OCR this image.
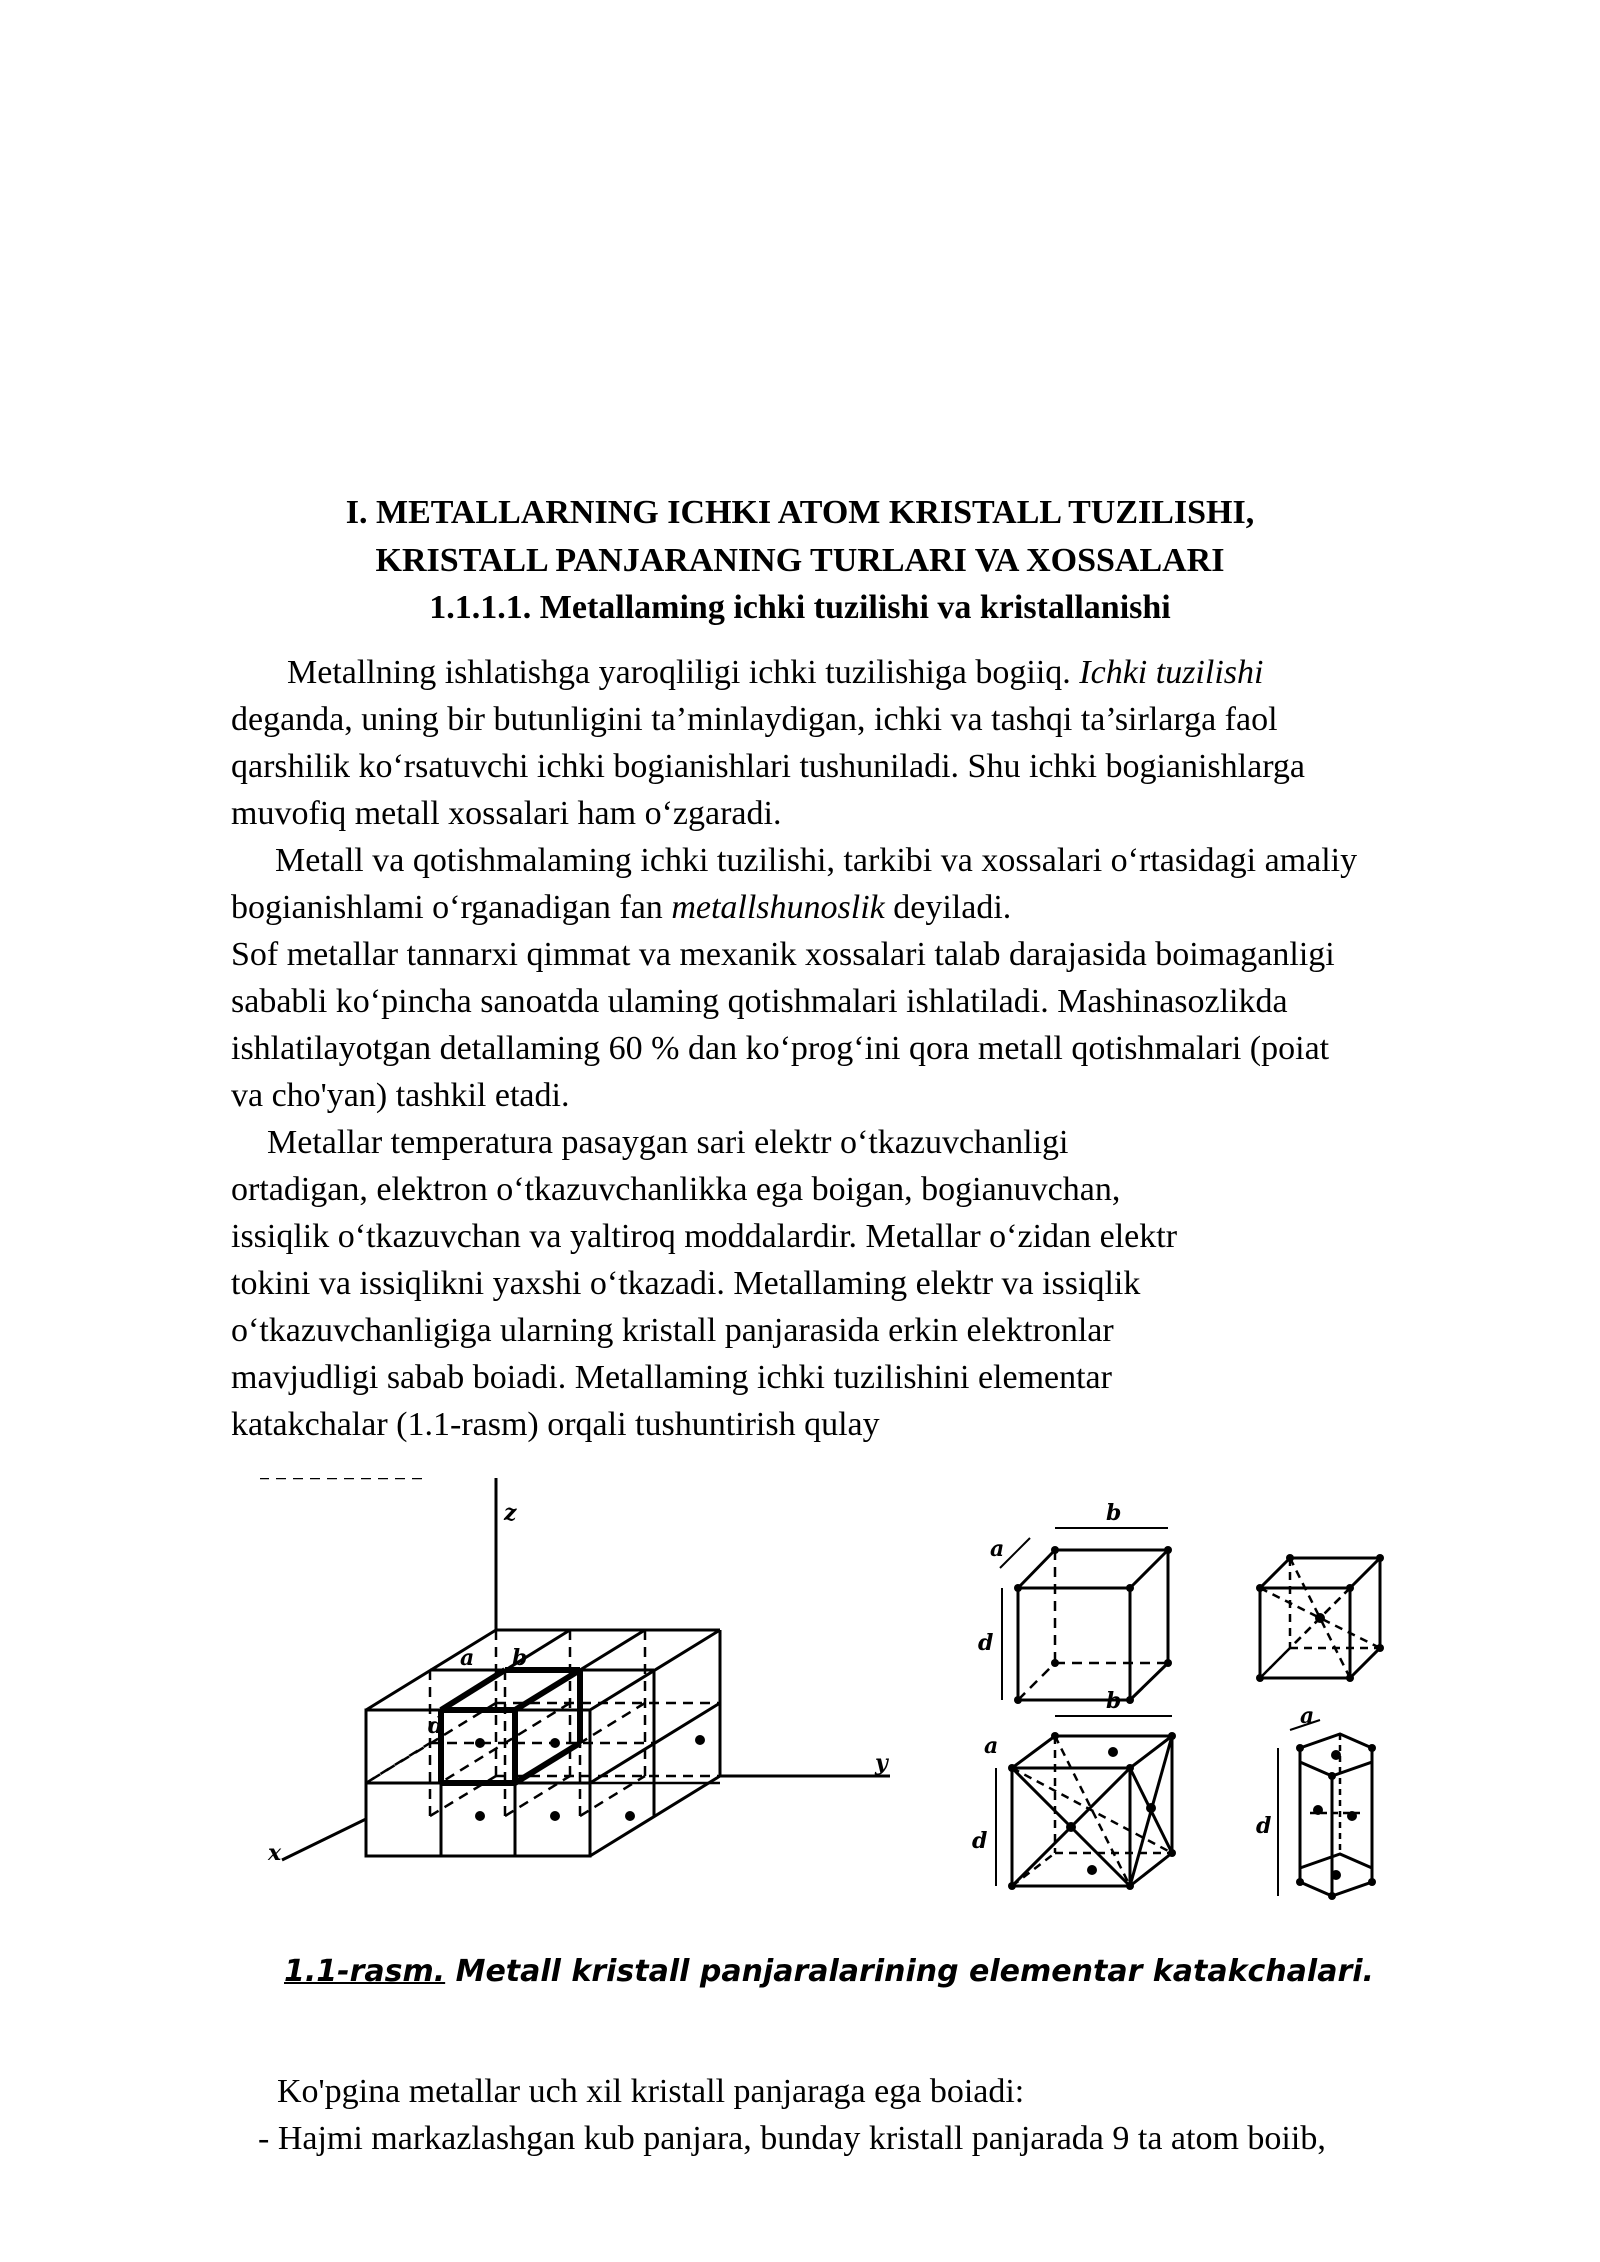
I. METALLARNING ICHKI ATOM KRISTALL TUZILISHI,
KRISTALL PANJARANING TURLARI VA XOSSALARI
1.1.1.1. Metallaming ichki tuzilishi va kristallanishi
Metallning ishlatishga yaroqliligi ichki tuzilishiga bogiiq. Ichki tuzilishi
deganda, uning bir butunligini ta’minlaydigan, ichki va tashqi ta’sirlarga faol
qarshilik ko‘rsatuvchi ichki bogianishlari tushuniladi. Shu ichki bogianishlarga
muvofiq metall xossalari ham o‘zgaradi.
Metall va qotishmalaming ichki tuzilishi, tarkibi va xossalari o‘rtasidagi amaliy
bogianishlami o‘rganadigan fan metallshunoslik deyiladi.
Sof metallar tannarxi qimmat va mexanik xossalari talab darajasida boimaganligi
sababli ko‘pincha sanoatda ulaming qotishmalari ishlatiladi. Mashinasozlikda
ishlatilayotgan detallaming 60 % dan ko‘prog‘ini qora metall qotishmalari (poiat
va cho'yan) tashkil etadi.
Metallar temperatura pasaygan sari elektr o‘tkazuvchanligi
ortadigan, elektron o‘tkazuvchanlikka ega boigan, bogianuvchan,
issiqlik o‘tkazuvchan va yaltiroq moddalardir. Metallar o‘zidan elektr
tokini va issiqlikni yaxshi o‘tkazadi. Metallaming elektr va issiqlik
o‘tkazuvchanligiga ularning kristall panjarasida erkin elektronlar
mavjudligi sabab boiadi. Metallaming ichki tuzilishini elementar
katakchalar (1.1-rasm) orqali tushuntirish qulay
z
y
x
a b
d
b
a
d
b
a
d
a
d
1.1-rasm. Metall kristall panjaralarining elementar katakchalari.
Ko'pgina metallar uch xil kristall panjaraga ega boiadi:
- Hajmi markazlashgan kub panjara, bunday kristall panjarada 9 ta atom boiib,
